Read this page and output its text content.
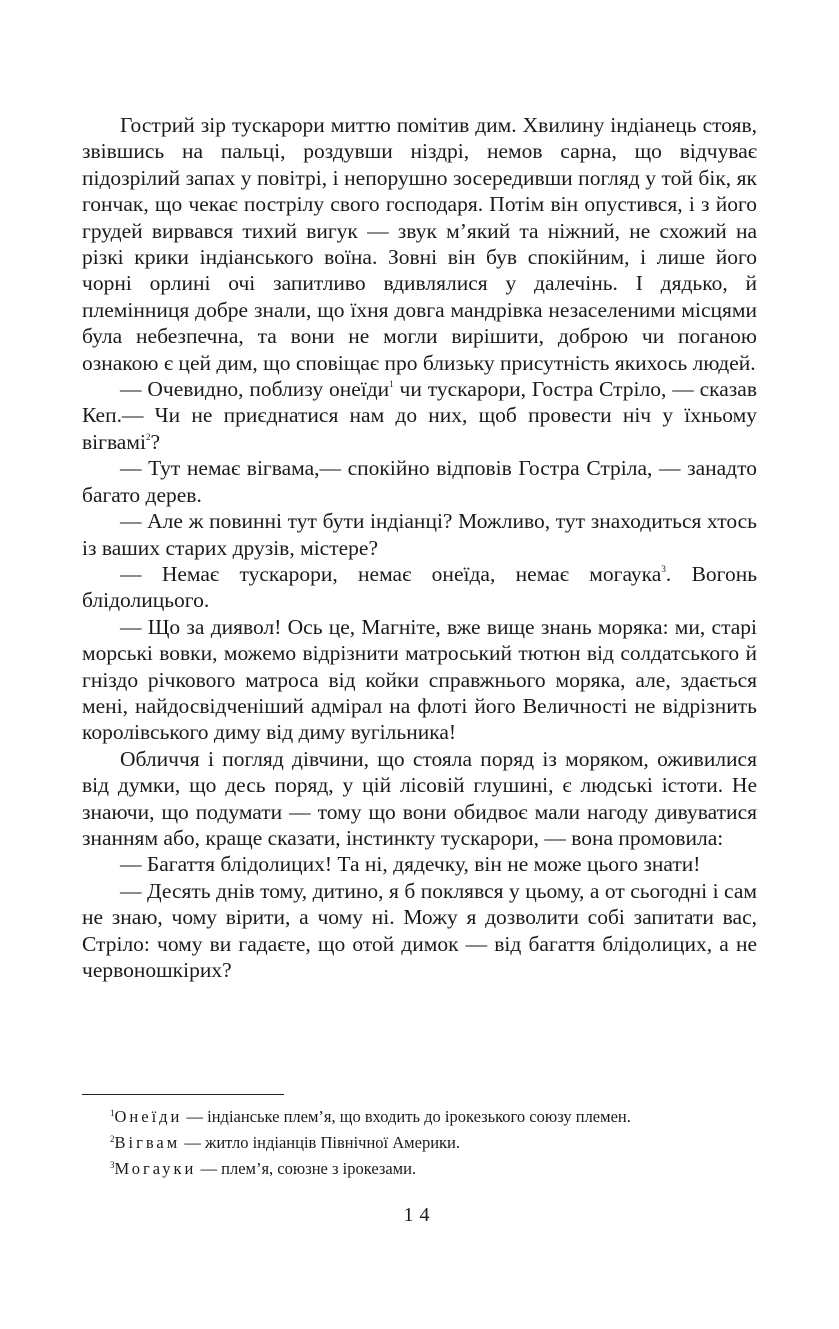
Гострий зір тускарори миттю помітив дим. Хвилину індіанець стояв, звівшись на пальці, роздувши ніздрі, немов сарна, що відчуває підозрілий запах у повітрі, і непорушно зосередивши погляд у той бік, як гончак, що чекає пострілу свого господаря. Потім він опустився, і з його грудей вирвався тихий вигук — звук м’який та ніжний, не схожий на різкі крики індіанського воїна. Зовні він був спокійним, і лише його чорні орлині очі запитливо вдивлялися у далечінь. І дядько, й племінниця добре знали, що їхня довга мандрівка незаселеними місцями була небезпечна, та вони не могли вирішити, доброю чи поганою ознакою є цей дим, що сповіщає про близьку присутність якихось людей.

— Очевидно, поблизу онеїди$^1$ чи тускарори, Гостра Стріло, — сказав Кеп.— Чи не приєднатися нам до них, щоб провести ніч у їхньому вігвамі$^2$?

— Тут немає вігвама,— спокійно відповів Гостра Стріла, — занадто багато дерев.

— Але ж повинні тут бути індіанці? Можливо, тут знаходиться хтось із ваших старих друзів, містере?

— Немає тускарори, немає онеїда, немає могаука$^3$. Вогонь блідолицього.

— Що за диявол! Ось це, Магніте, вже вище знань моряка: ми, старі морські вовки, можемо відрізнити матроський тютюн від солдатського й гніздо річкового матроса від койки справжнього моряка, але, здається мені, найдосвідченіший адмірал на флоті його Величності не відрізнить королівського диму від диму вугільника!

Обличчя і погляд дівчини, що стояла поряд із моряком, оживилися від думки, що десь поряд, у цій лісовій глушині, є людські істоти. Не знаючи, що подумати — тому що вони обидвоє мали нагоду дивуватися знанням або, краще сказати, інстинкту тускарори, — вона промовила:

— Багаття блідолицих! Та ні, дядечку, він не може цього знати!

— Десять днів тому, дитино, я б поклявся у цьому, а от сьогодні і сам не знаю, чому вірити, а чому ні. Можу я дозволити собі запитати вас, Стріло: чому ви гадаєте, що отой димок — від багаття блідолицих, а не червоношкірих?

$^1$Онеїди — індіанське плем’я, що входить до ірокезького союзу племен.
$^2$Вігвам — житло індіанців Північної Америки.
$^3$Могауки — плем’я, союзне з ірокезами.
14
